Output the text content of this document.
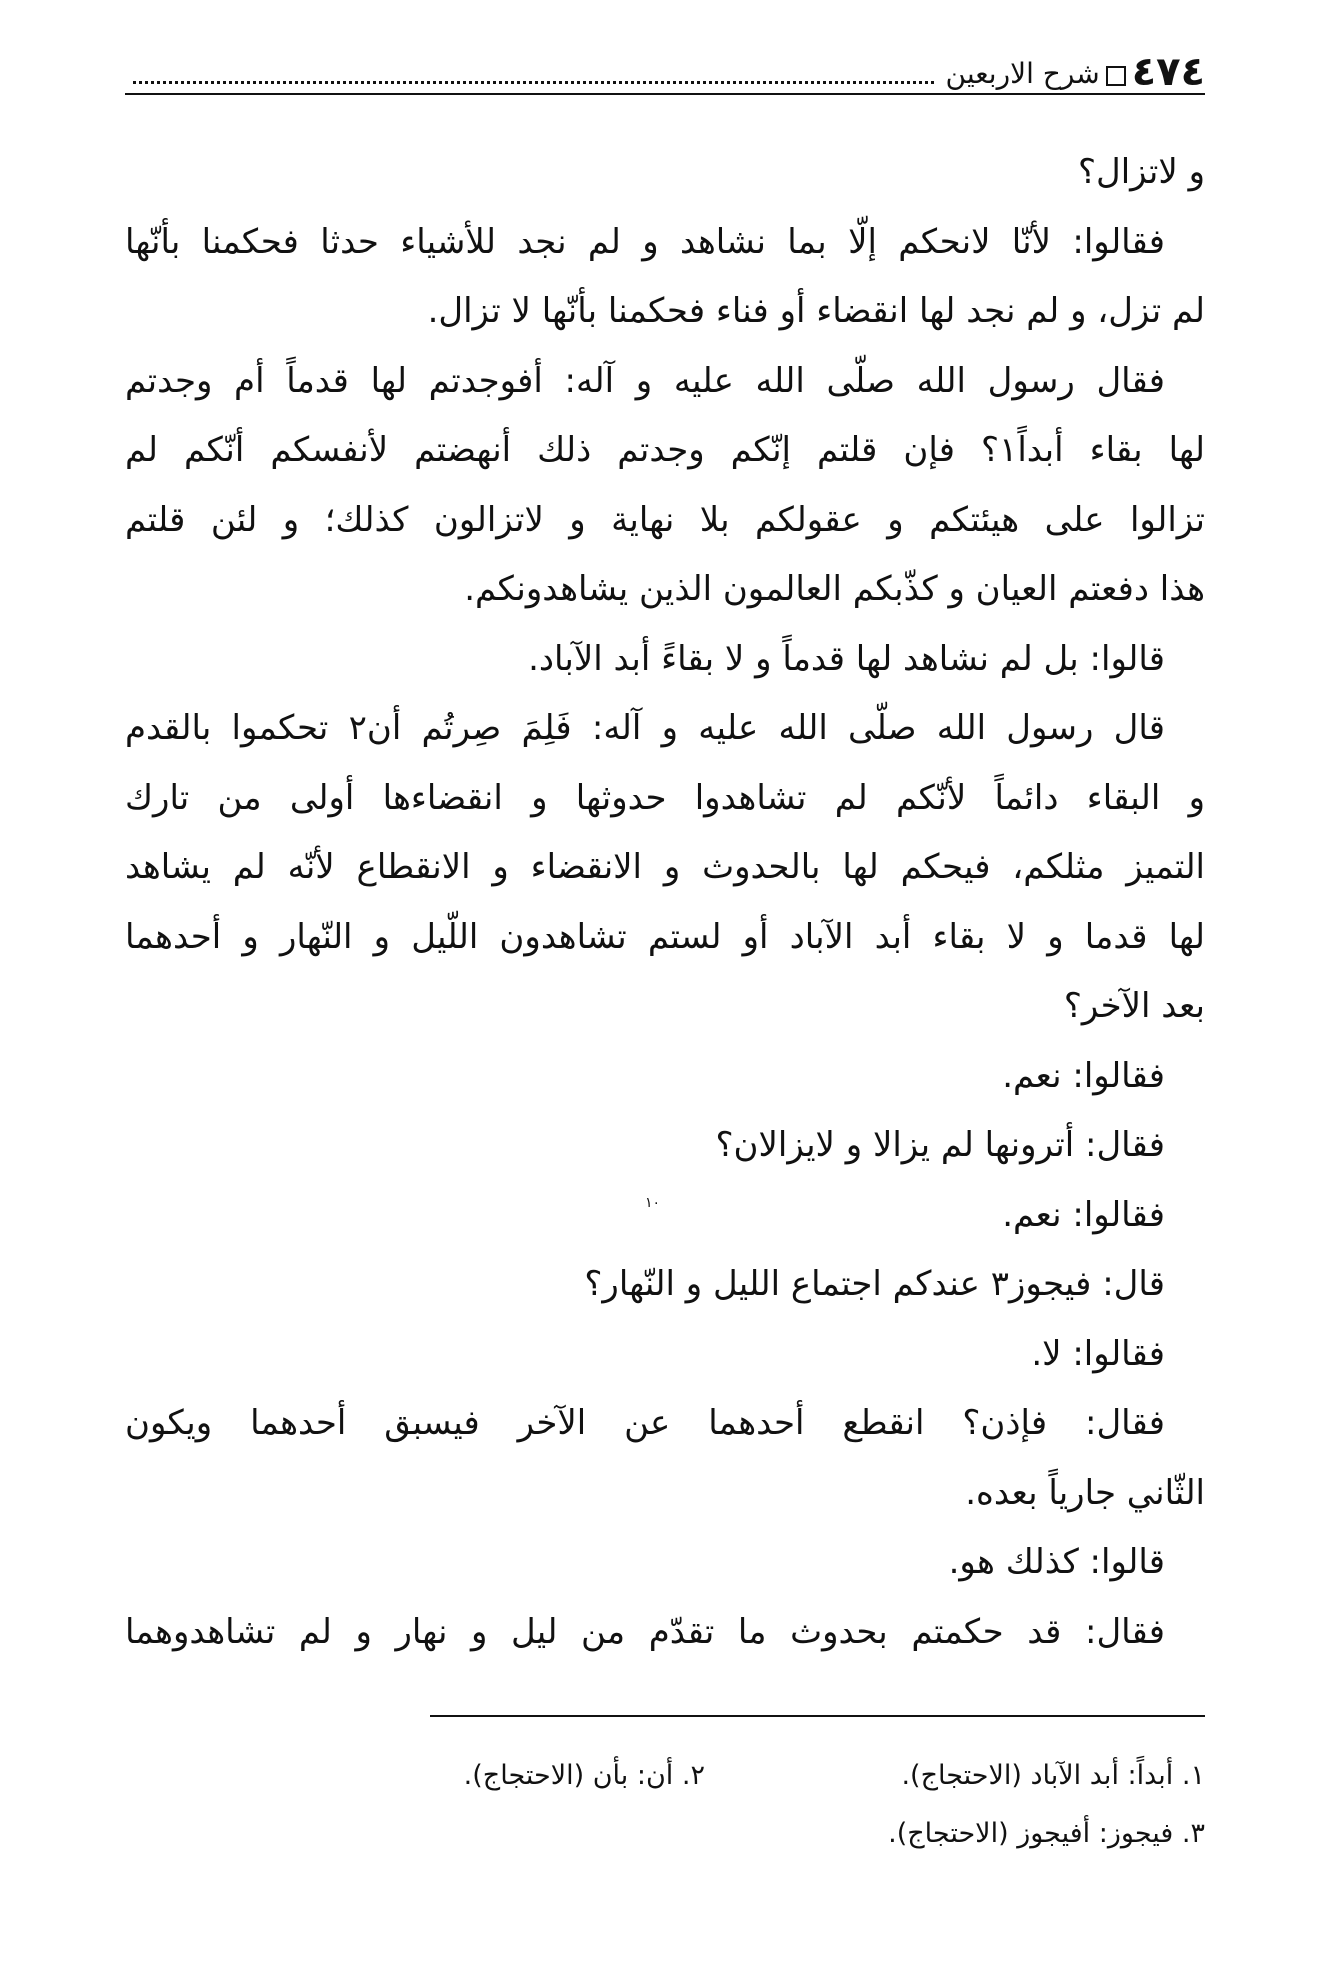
٤٧٤
شرح الاربعين
و لاتزال؟
فقالوا: لأنّا لانحكم إلّا بما نشاهد و لم نجد للأشياء حدثا فحكمنا بأنّها
لم تزل، و لم نجد لها انقضاء أو فناء فحكمنا بأنّها لا تزال.
فقال رسول الله صلّى الله عليه و آله: أفوجدتم لها قدماً أم وجدتم
لها بقاء أبداً١؟ فإن قلتم إنّكم وجدتم ذلك أنهضتم لأنفسكم أنّكم لم
تزالوا على هيئتكم و عقولكم بلا نهاية و لاتزالون كذلك؛ و لئن قلتم
هذا دفعتم العيان و كذّبكم العالمون الذين يشاهدونكم.
قالوا: بل لم نشاهد لها قدماً و لا بقاءً أبد الآباد.
قال رسول الله صلّى الله عليه و آله: فَلِمَ صِرتُم أن٢ تحكموا بالقدم
و البقاء دائماً لأنّكم لم تشاهدوا حدوثها و انقضاءها أولى من تارك
التميز مثلكم، فيحكم لها بالحدوث و الانقضاء و الانقطاع لأنّه لم يشاهد
لها قدما و لا بقاء أبد الآباد أو لستم تشاهدون اللّيل و النّهار و أحدهما
بعد الآخر؟
فقالوا: نعم.
فقال: أترونها لم يزالا و لايزالان؟
فقالوا: نعم.
قال: فيجوز٣ عندكم اجتماع الليل و النّهار؟
فقالوا: لا.
فقال: فإذن؟ انقطع أحدهما عن الآخر فيسبق أحدهما ويكون
الثّاني جارياً بعده.
قالوا: كذلك هو.
فقال: قد حكمتم بحدوث ما تقدّم من ليل و نهار و لم تشاهدوهما
١٠
١. أبداً: أبد الآباد (الاحتجاج).
٢. أن: بأن (الاحتجاج).
٣. فيجوز: أفيجوز (الاحتجاج).
